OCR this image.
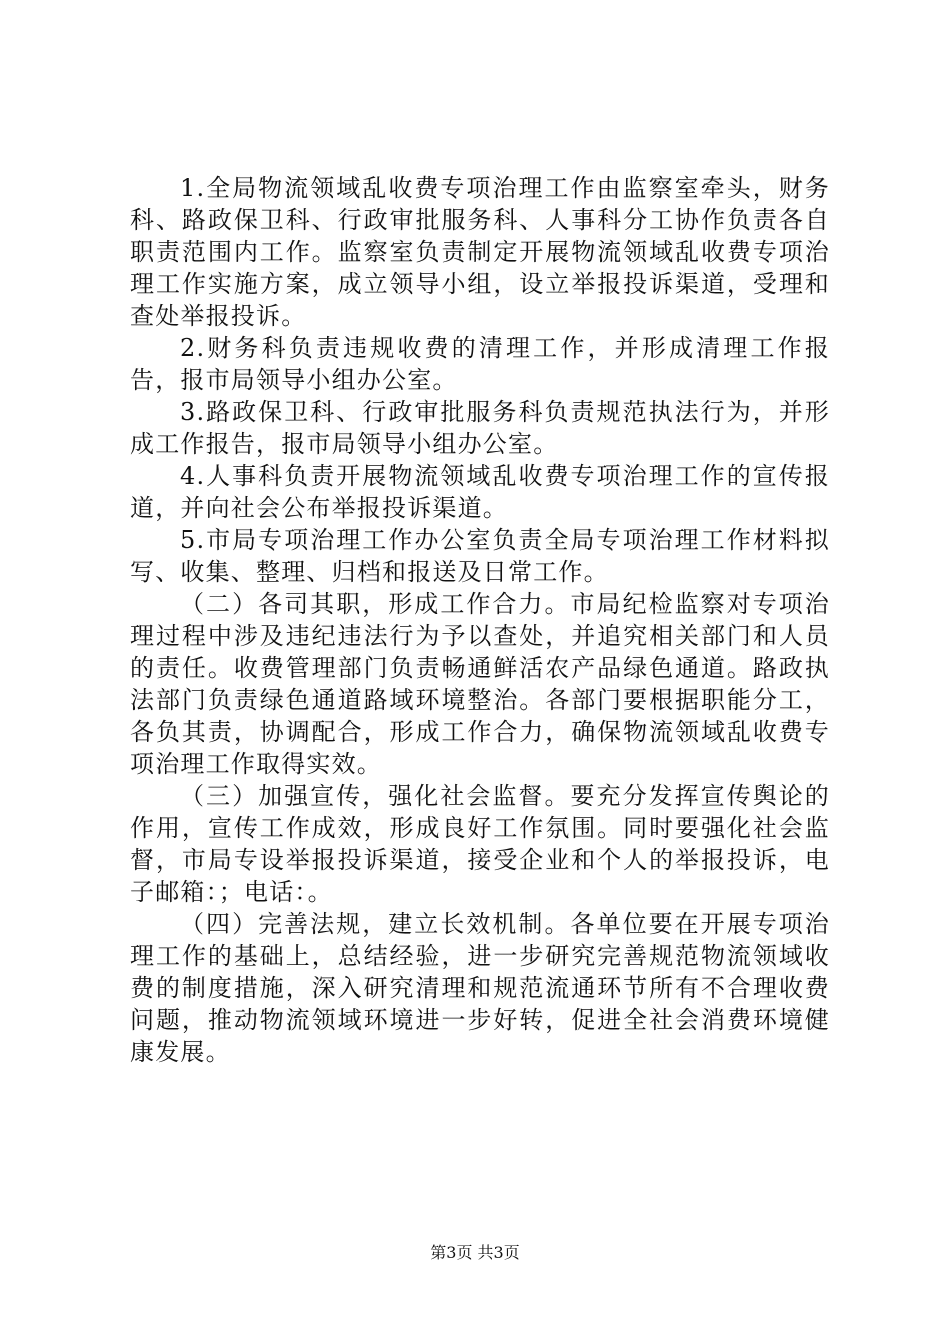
1.全局物流领域乱收费专项治理工作由监察室牵头，财务科、路政保卫科、行政审批服务科、人事科分工协作负责各自职责范围内工作。监察室负责制定开展物流领域乱收费专项治理工作实施方案，成立领导小组，设立举报投诉渠道，受理和查处举报投诉。

2.财务科负责违规收费的清理工作，并形成清理工作报告，报市局领导小组办公室。

3.路政保卫科、行政审批服务科负责规范执法行为，并形成工作报告，报市局领导小组办公室。

4.人事科负责开展物流领域乱收费专项治理工作的宣传报道，并向社会公布举报投诉渠道。

5.市局专项治理工作办公室负责全局专项治理工作材料拟写、收集、整理、归档和报送及日常工作。

（二）各司其职，形成工作合力。市局纪检监察对专项治理过程中涉及违纪违法行为予以查处，并追究相关部门和人员的责任。收费管理部门负责畅通鲜活农产品绿色通道。路政执法部门负责绿色通道路域环境整治。各部门要根据职能分工，各负其责，协调配合，形成工作合力，确保物流领域乱收费专项治理工作取得实效。

（三）加强宣传，强化社会监督。要充分发挥宣传舆论的作用，宣传工作成效，形成良好工作氛围。同时要强化社会监督，市局专设举报投诉渠道，接受企业和个人的举报投诉，电子邮箱：；电话：。

（四）完善法规，建立长效机制。各单位要在开展专项治理工作的基础上，总结经验，进一步研究完善规范物流领域收费的制度措施，深入研究清理和规范流通环节所有不合理收费问题，推动物流领域环境进一步好转，促进全社会消费环境健康发展。

第3页 共3页
